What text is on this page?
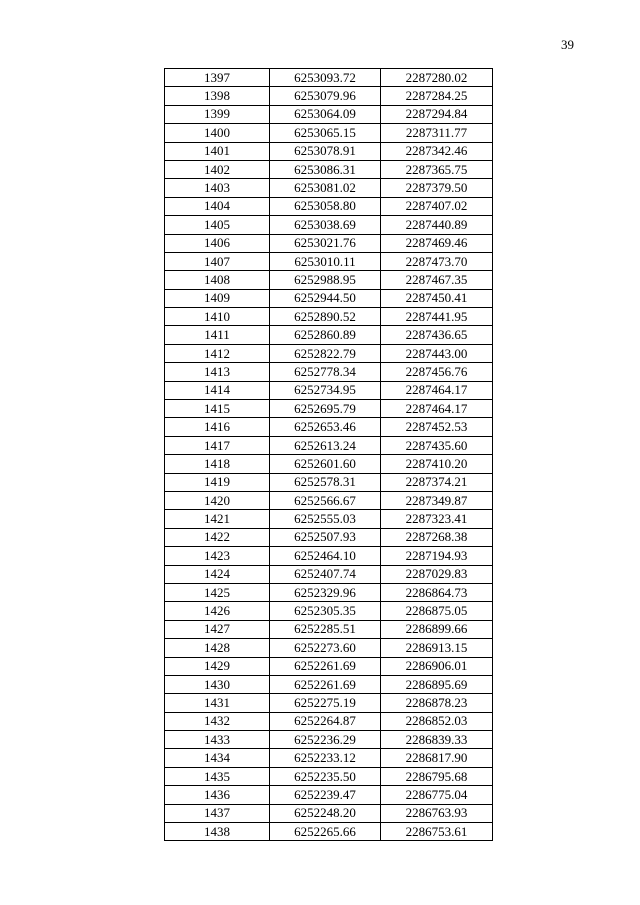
39
1397	6253093.72	2287280.02
1398	6253079.96	2287284.25
1399	6253064.09	2287294.84
1400	6253065.15	2287311.77
1401	6253078.91	2287342.46
1402	6253086.31	2287365.75
1403	6253081.02	2287379.50
1404	6253058.80	2287407.02
1405	6253038.69	2287440.89
1406	6253021.76	2287469.46
1407	6253010.11	2287473.70
1408	6252988.95	2287467.35
1409	6252944.50	2287450.41
1410	6252890.52	2287441.95
1411	6252860.89	2287436.65
1412	6252822.79	2287443.00
1413	6252778.34	2287456.76
1414	6252734.95	2287464.17
1415	6252695.79	2287464.17
1416	6252653.46	2287452.53
1417	6252613.24	2287435.60
1418	6252601.60	2287410.20
1419	6252578.31	2287374.21
1420	6252566.67	2287349.87
1421	6252555.03	2287323.41
1422	6252507.93	2287268.38
1423	6252464.10	2287194.93
1424	6252407.74	2287029.83
1425	6252329.96	2286864.73
1426	6252305.35	2286875.05
1427	6252285.51	2286899.66
1428	6252273.60	2286913.15
1429	6252261.69	2286906.01
1430	6252261.69	2286895.69
1431	6252275.19	2286878.23
1432	6252264.87	2286852.03
1433	6252236.29	2286839.33
1434	6252233.12	2286817.90
1435	6252235.50	2286795.68
1436	6252239.47	2286775.04
1437	6252248.20	2286763.93
1438	6252265.66	2286753.61
